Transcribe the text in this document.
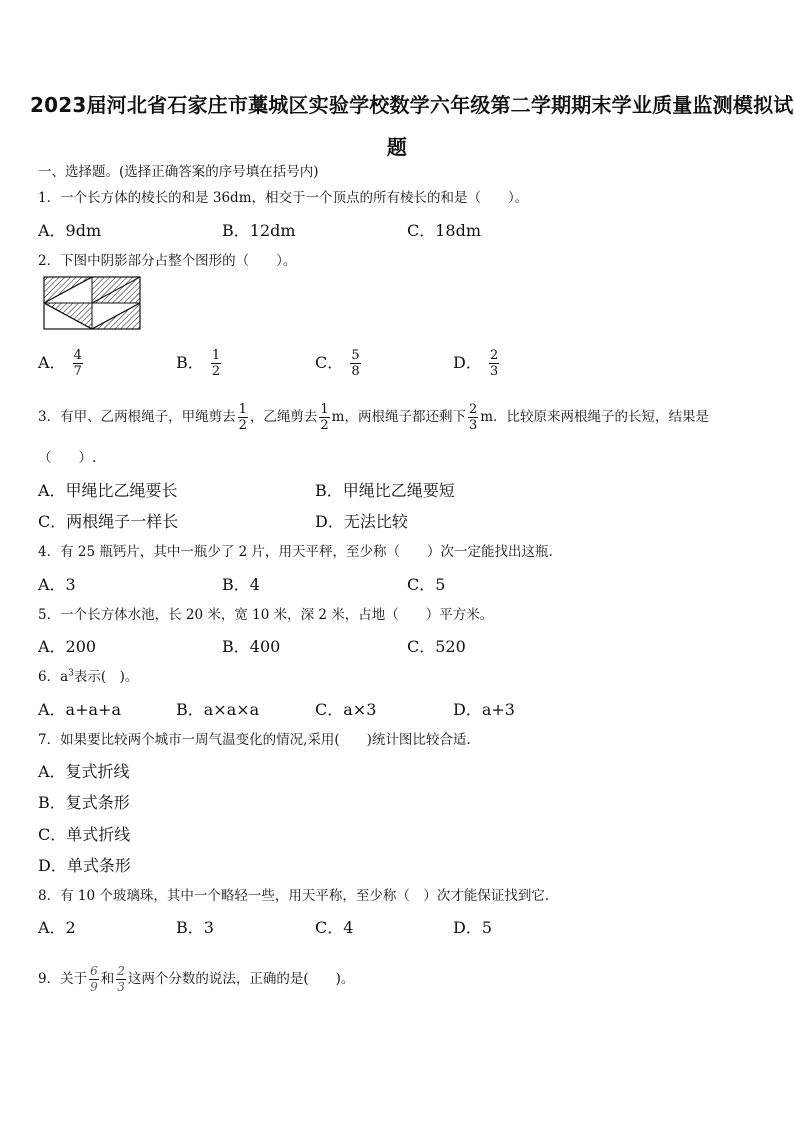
2023届河北省石家庄市藁城区实验学校数学六年级第二学期期末学业质量监测模拟试
题
一、选择题。(选择正确答案的序号填在括号内)
1．一个长方体的棱长的和是 36dm，相交于一个顶点的所有棱长的和是（　　）。
A．9dm	B．12dm	C．18dm
2．下图中阴影部分占整个图形的（　　）。
A． $\frac{4}{7}$	B． $\frac{1}{2}$	C． $\frac{5}{8}$	D． $\frac{2}{3}$
3．有甲、乙两根绳子，甲绳剪去 $\frac{1}{2}$ ，乙绳剪去 $\frac{1}{2}$ m，两根绳子都还剩下 $\frac{2}{3}$ m．比较原来两根绳子的长短，结果是
（　　）.
A．甲绳比乙绳要长	B．甲绳比乙绳要短
C．两根绳子一样长	D．无法比较
4．有 25 瓶钙片，其中一瓶少了 2 片，用天平秤，至少称（　　）次一定能找出这瓶.
A．3	B．4	C．5
5．一个长方体水池，长 20 米，宽 10 米，深 2 米，占地（　　）平方米。
A．200	B．400	C．520
6．$a^3$表示(　)。
A．a+a+a	B．a×a×a	C．a×3	D．a+3
7．如果要比较两个城市一周气温变化的情况,采用(　　)统计图比较合适.
A．复式折线
B．复式条形
C．单式折线
D．单式条形
8．有 10 个玻璃珠，其中一个略轻一些，用天平称，至少称（　）次才能保证找到它.
A．2	B．3	C．4	D．5
9．关于 $\frac{6}{9}$ 和 $\frac{2}{3}$ 这两个分数的说法，正确的是(　　)。
